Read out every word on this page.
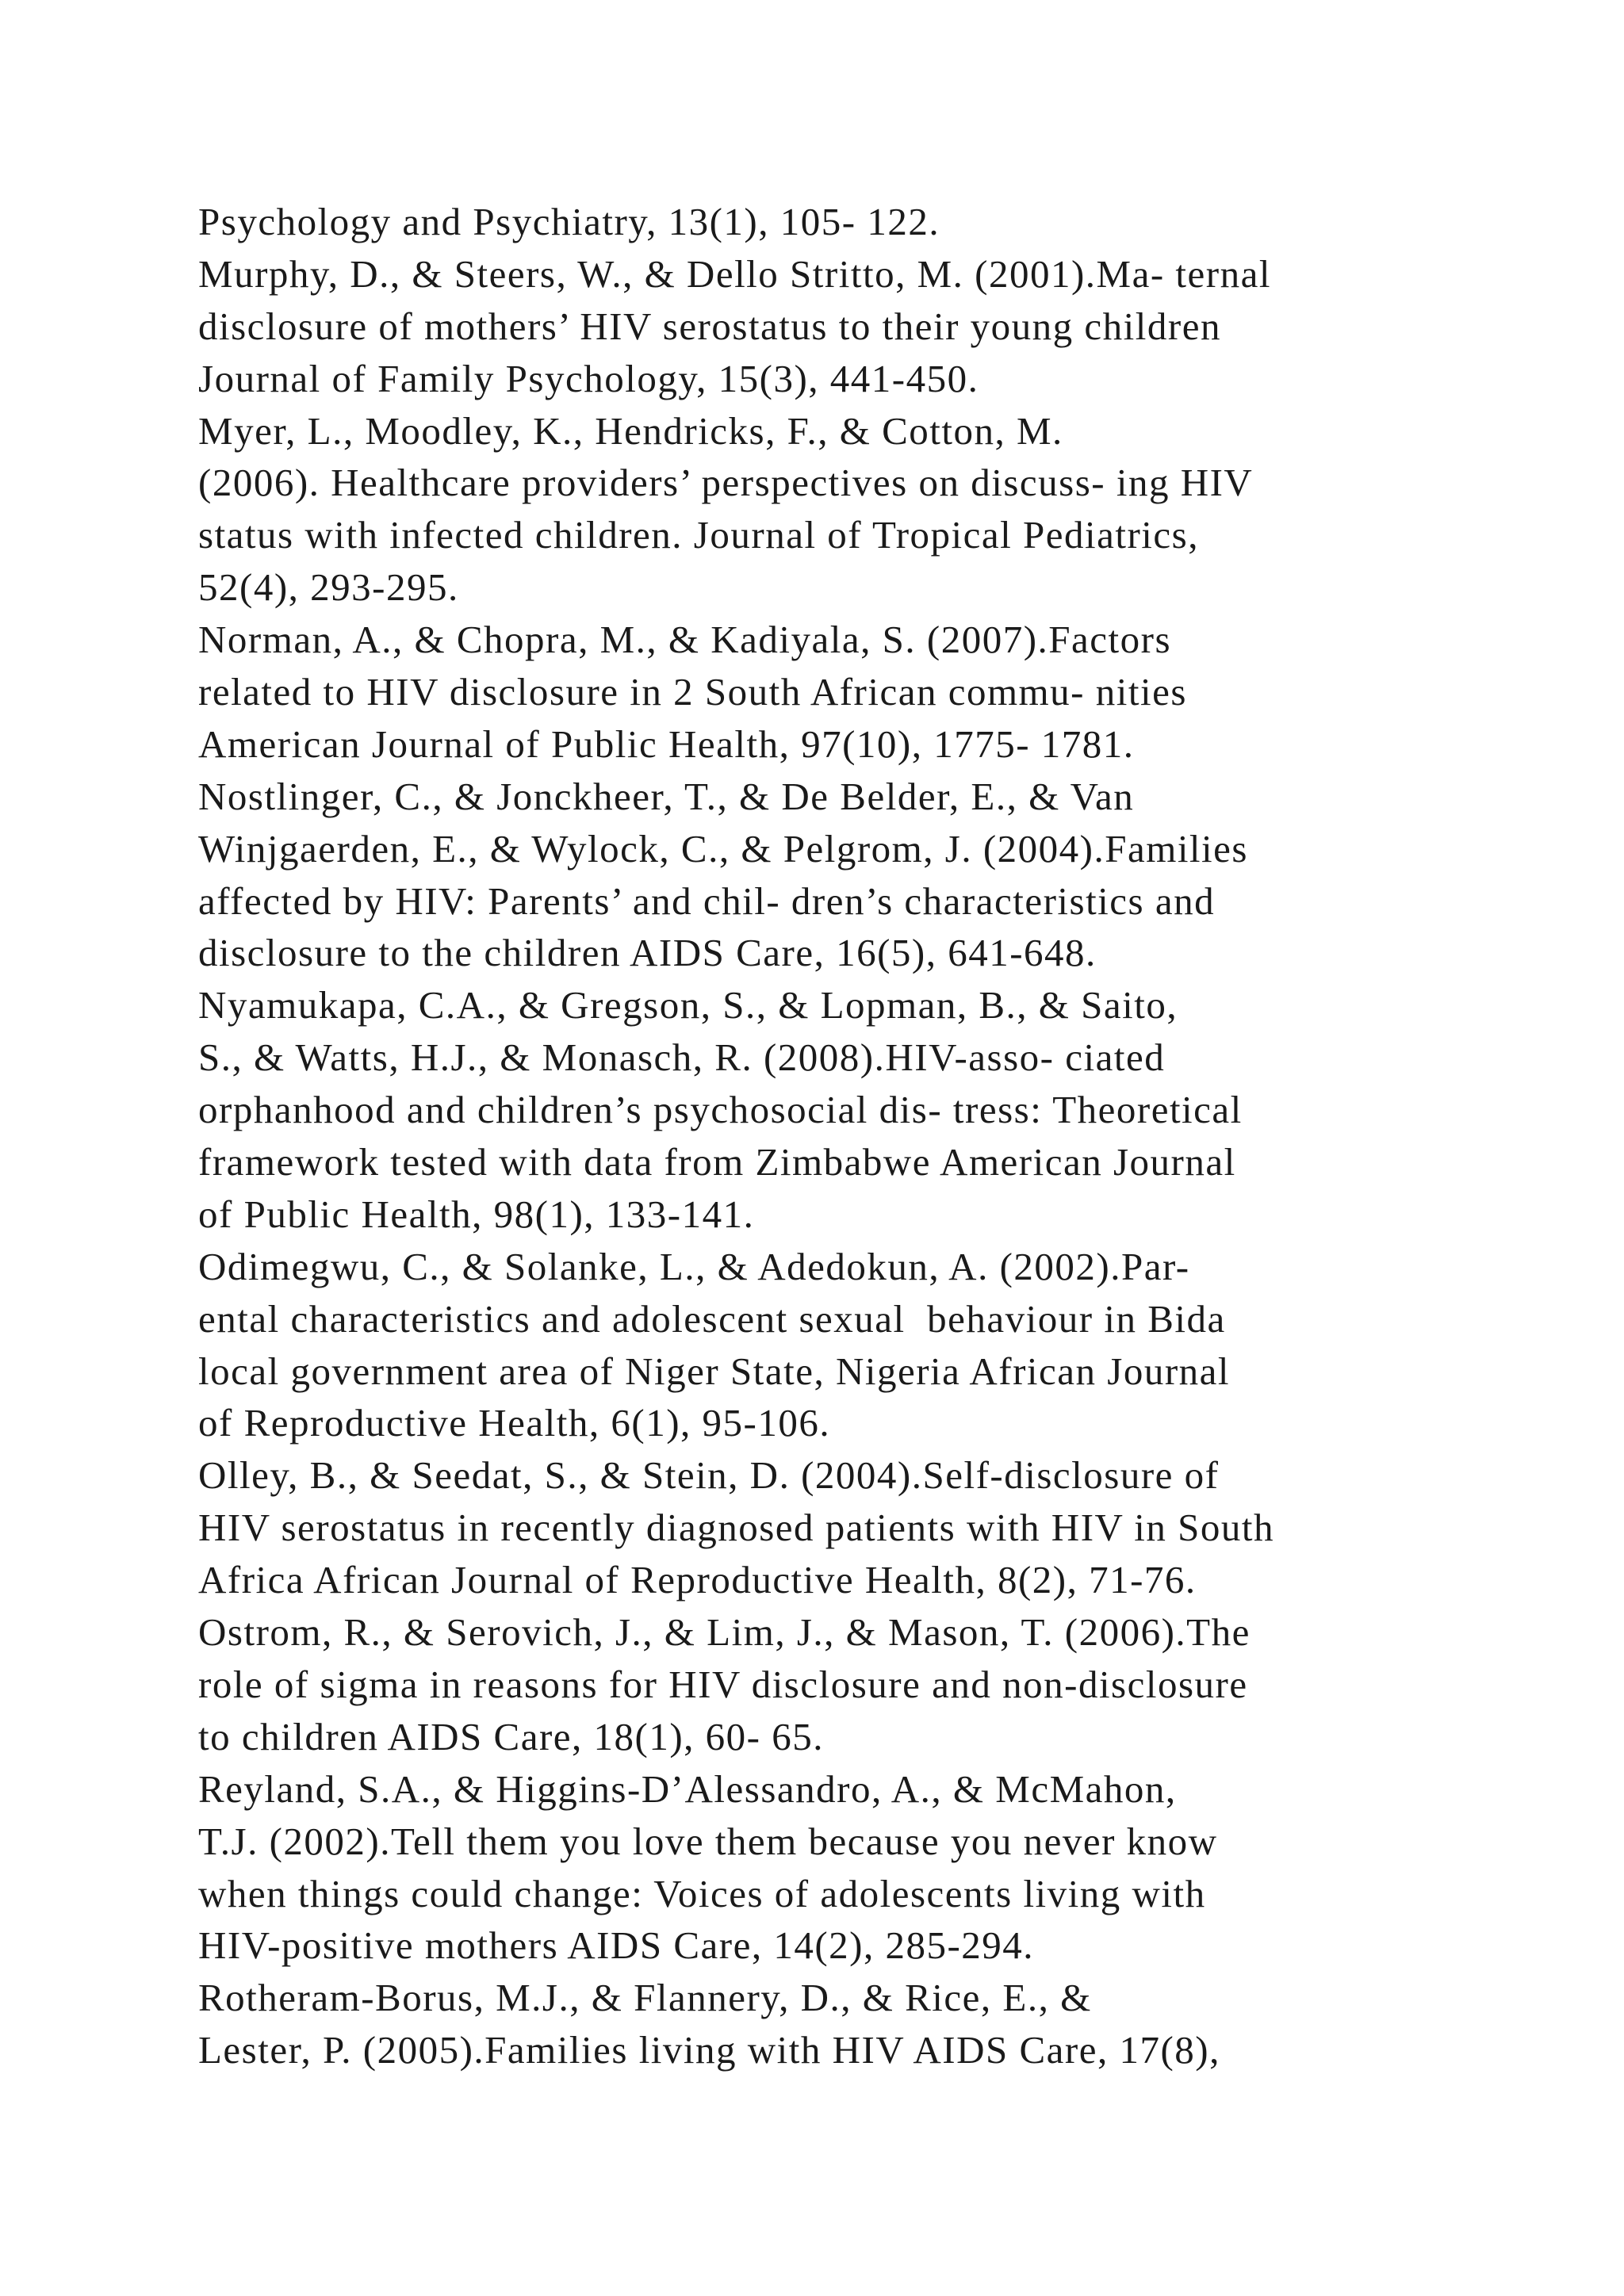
Psychology and Psychiatry, 13(1), 105- 122.
Murphy, D., & Steers, W., & Dello Stritto, M. (2001).Ma- ternal
disclosure of mothers’ HIV serostatus to their young children
Journal of Family Psychology, 15(3), 441-450.
Myer, L., Moodley, K., Hendricks, F., & Cotton, M.
(2006). Healthcare providers’ perspectives on discuss- ing HIV
status with infected children. Journal of Tropical Pediatrics,
52(4), 293-295.
Norman, A., & Chopra, M., & Kadiyala, S. (2007).Factors
related to HIV disclosure in 2 South African commu- nities
American Journal of Public Health, 97(10), 1775- 1781.
Nostlinger, C., & Jonckheer, T., & De Belder, E., & Van
Winjgaerden, E., & Wylock, C., & Pelgrom, J. (2004).Families
affected by HIV: Parents’ and chil- dren’s characteristics and
disclosure to the children AIDS Care, 16(5), 641-648.
Nyamukapa, C.A., & Gregson, S., & Lopman, B., & Saito,
S., & Watts, H.J., & Monasch, R. (2008).HIV-asso- ciated
orphanhood and children’s psychosocial dis- tress: Theoretical
framework tested with data from Zimbabwe American Journal
of Public Health, 98(1), 133-141.
Odimegwu, C., & Solanke, L., & Adedokun, A. (2002).Par-
ental characteristics and adolescent sexual  behaviour in Bida
local government area of Niger State, Nigeria African Journal
of Reproductive Health, 6(1), 95-106.
Olley, B., & Seedat, S., & Stein, D. (2004).Self-disclosure of
HIV serostatus in recently diagnosed patients with HIV in South
Africa African Journal of Reproductive Health, 8(2), 71-76.
Ostrom, R., & Serovich, J., & Lim, J., & Mason, T. (2006).The
role of sigma in reasons for HIV disclosure and non-disclosure
to children AIDS Care, 18(1), 60- 65.
Reyland, S.A., & Higgins-D’Alessandro, A., & McMahon,
T.J. (2002).Tell them you love them because you never know
when things could change: Voices of adolescents living with
HIV-positive mothers AIDS Care, 14(2), 285-294.
Rotheram-Borus, M.J., & Flannery, D., & Rice, E., &
Lester, P. (2005).Families living with HIV AIDS Care, 17(8),
